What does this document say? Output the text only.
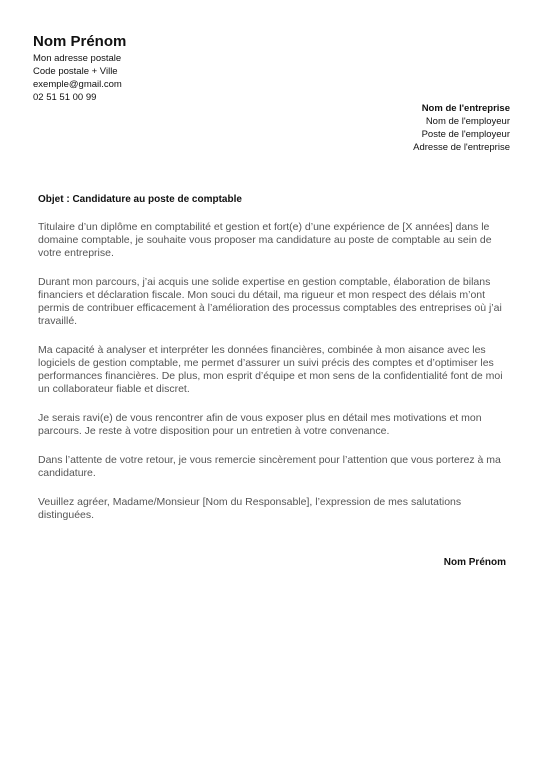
Nom Prénom
Mon adresse postale
Code postale + Ville
exemple@gmail.com
02 51 51 00 99
Nom de l'entreprise
Nom de l'employeur
Poste de l'employeur
Adresse de l'entreprise
Objet : Candidature au poste de comptable

Titulaire d’un diplôme en comptabilité et gestion et fort(e) d’une expérience de [X années] dans le domaine comptable, je souhaite vous proposer ma candidature au poste de comptable au sein de votre entreprise.

Durant mon parcours, j’ai acquis une solide expertise en gestion comptable, élaboration de bilans financiers et déclaration fiscale. Mon souci du détail, ma rigueur et mon respect des délais m’ont permis de contribuer efficacement à l’amélioration des processus comptables des entreprises où j’ai travaillé.

Ma capacité à analyser et interpréter les données financières, combinée à mon aisance avec les logiciels de gestion comptable, me permet d’assurer un suivi précis des comptes et d’optimiser les performances financières. De plus, mon esprit d’équipe et mon sens de la confidentialité font de moi un collaborateur fiable et discret.

Je serais ravi(e) de vous rencontrer afin de vous exposer plus en détail mes motivations et mon parcours. Je reste à votre disposition pour un entretien à votre convenance.

Dans l’attente de votre retour, je vous remercie sincèrement pour l’attention que vous porterez à ma candidature.

Veuillez agréer, Madame/Monsieur [Nom du Responsable], l’expression de mes salutations distinguées.

Nom Prénom
